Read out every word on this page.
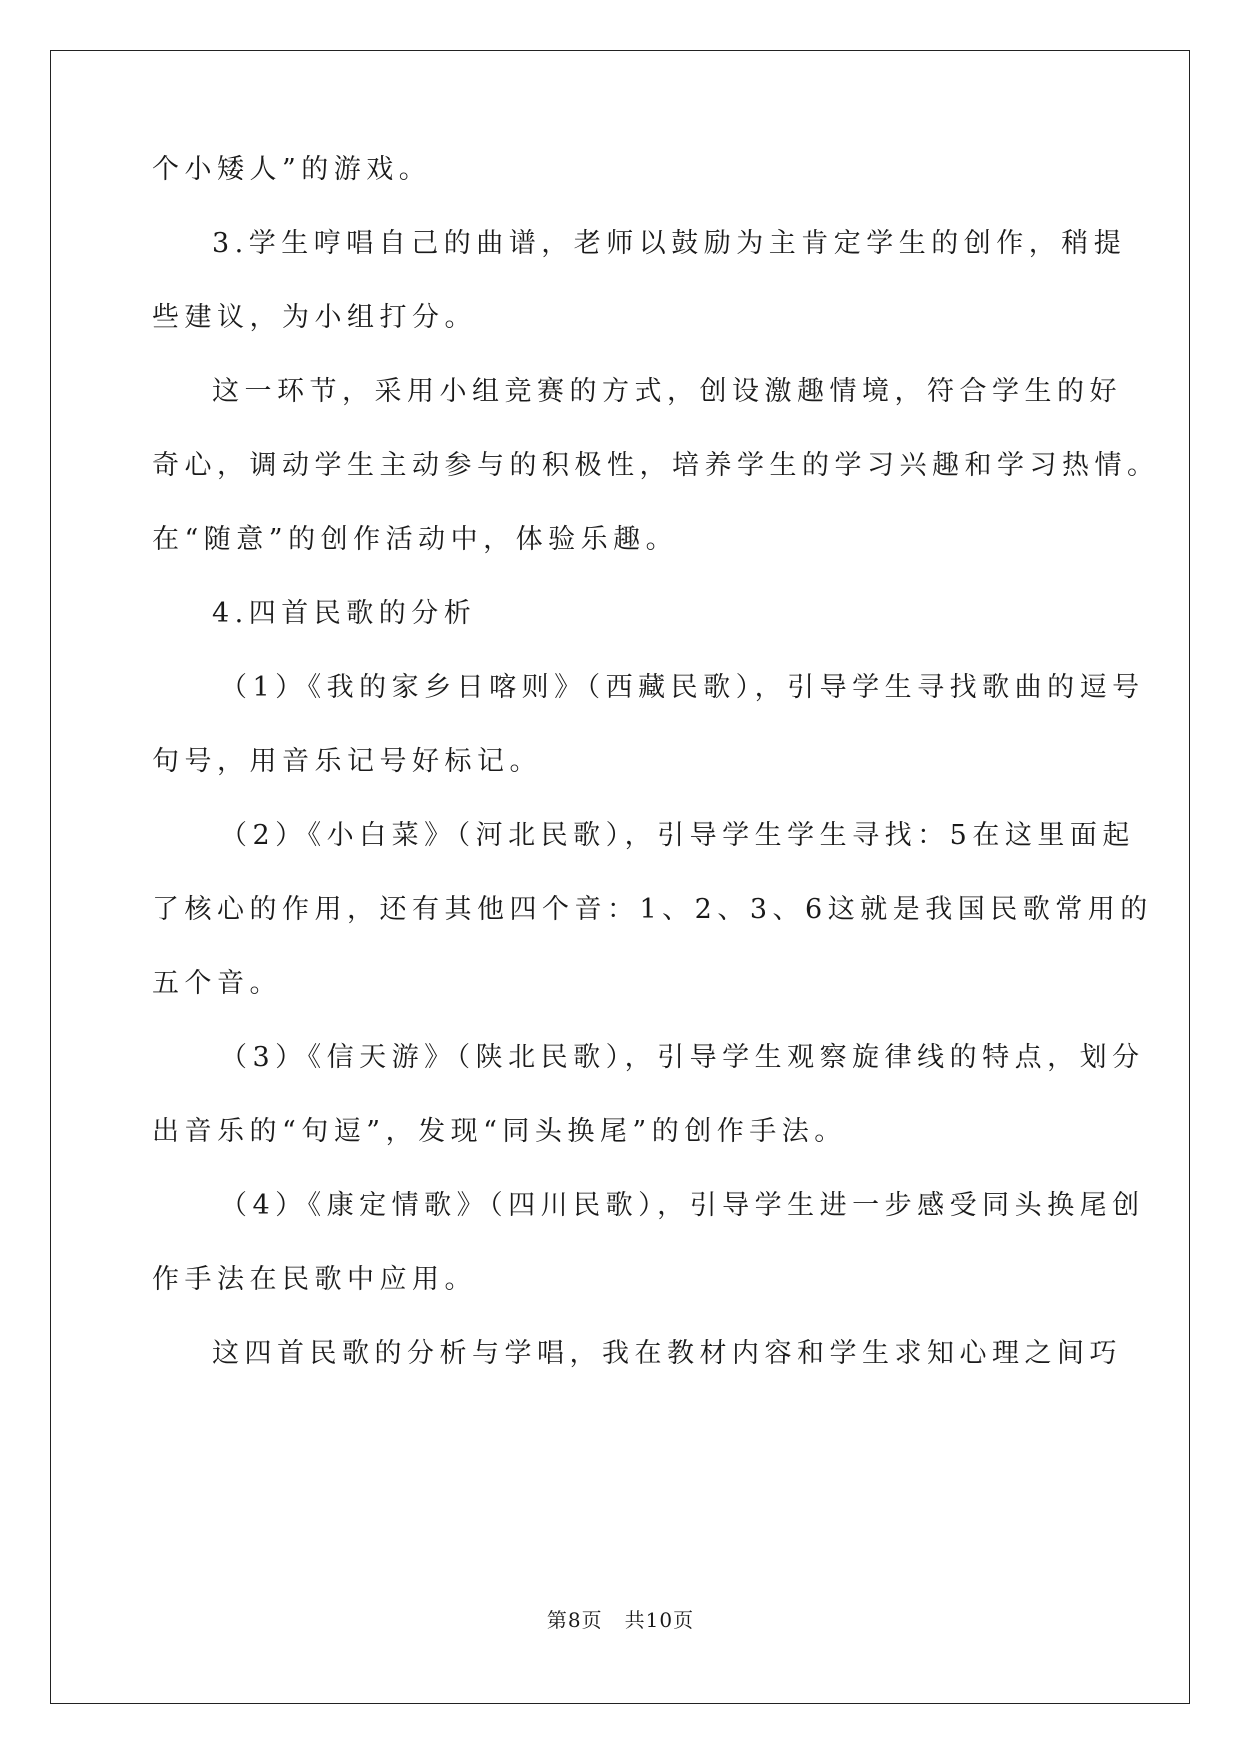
个小矮人”的游戏。
3.学生哼唱自己的曲谱，老师以鼓励为主肯定学生的创作，稍提
些建议，为小组打分。
这一环节，采用小组竞赛的方式，创设激趣情境，符合学生的好
奇心，调动学生主动参与的积极性，培养学生的学习兴趣和学习热情。
在“随意”的创作活动中，体验乐趣。
4.四首民歌的分析
（1）《我的家乡日喀则》（西藏民歌），引导学生寻找歌曲的逗号
句号，用音乐记号好标记。
（2）《小白菜》（河北民歌），引导学生学生寻找：5在这里面起
了核心的作用，还有其他四个音：1、2、3、6这就是我国民歌常用的
五个音。
（3）《信天游》（陕北民歌），引导学生观察旋律线的特点，划分
出音乐的“句逗”，发现“同头换尾”的创作手法。
（4）《康定情歌》（四川民歌），引导学生进一步感受同头换尾创
作手法在民歌中应用。
这四首民歌的分析与学唱，我在教材内容和学生求知心理之间巧
第8页 共10页
